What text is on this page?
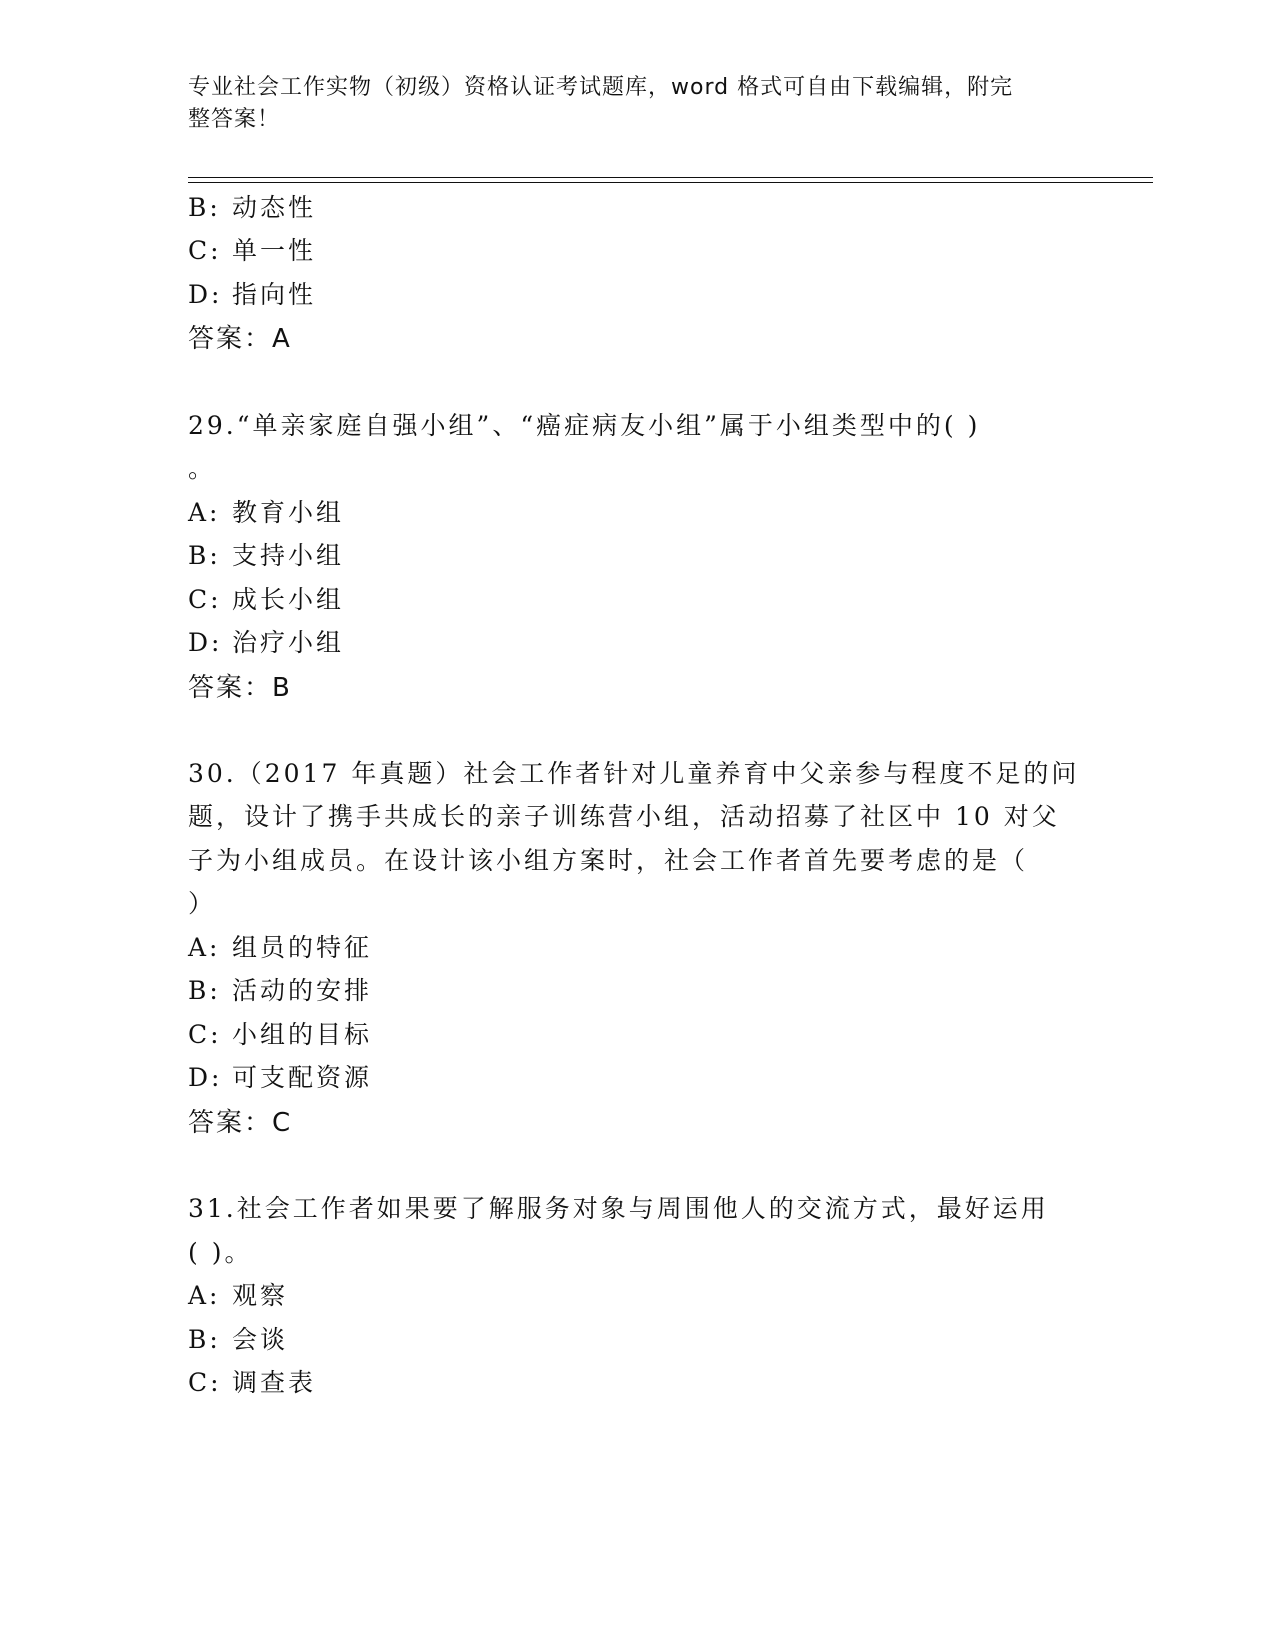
专业社会工作实物（初级）资格认证考试题库，word 格式可自由下载编辑，附完
整答案！
B: 动态性
C: 单一性
D: 指向性
答案：A
29.“单亲家庭自强小组”、“癌症病友小组”属于小组类型中的( )
。
A: 教育小组
B: 支持小组
C: 成长小组
D: 治疗小组
答案：B
30.（2017 年真题）社会工作者针对儿童养育中父亲参与程度不足的问
题，设计了携手共成长的亲子训练营小组，活动招募了社区中 10 对父
子为小组成员。在设计该小组方案时，社会工作者首先要考虑的是（
）
A: 组员的特征
B: 活动的安排
C: 小组的目标
D: 可支配资源
答案：C
31.社会工作者如果要了解服务对象与周围他人的交流方式，最好运用
( )。
A: 观察
B: 会谈
C: 调查表
